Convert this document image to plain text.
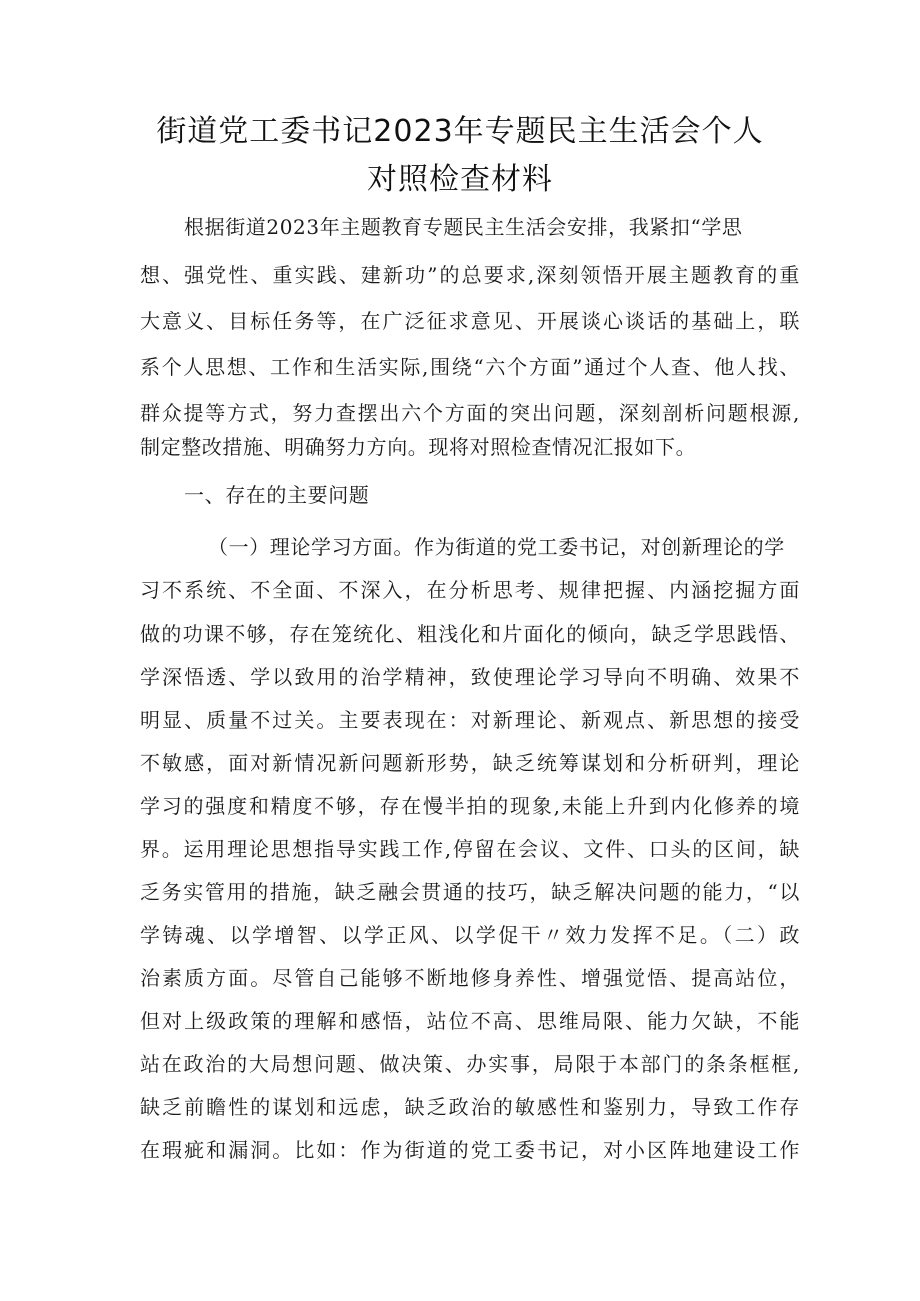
街道党工委书记2023年专题民主生活会个人
对照检查材料
根据街道2023年主题教育专题民主生活会安排，我紧扣“学思
想、强党性、重实践、建新功”的总要求,深刻领悟开展主题教育的重
大意义、目标任务等，在广泛征求意见、开展谈心谈话的基础上，联
系个人思想、工作和生活实际,围绕“六个方面”通过个人查、他人找、
群众提等方式，努力查摆出六个方面的突出问题，深刻剖析问题根源,
制定整改措施、明确努力方向。现将对照检查情况汇报如下。
一、存在的主要问题
（一）理论学习方面。作为街道的党工委书记，对创新理论的学
习不系统、不全面、不深入，在分析思考、规律把握、内涵挖掘方面
做的功课不够，存在笼统化、粗浅化和片面化的倾向，缺乏学思践悟、
学深悟透、学以致用的治学精神，致使理论学习导向不明确、效果不
明显、质量不过关。主要表现在：对新理论、新观点、新思想的接受
不敏感，面对新情况新问题新形势，缺乏统筹谋划和分析研判，理论
学习的强度和精度不够，存在慢半拍的现象,未能上升到内化修养的境
界。运用理论思想指导实践工作,停留在会议、文件、口头的区间，缺
乏务实管用的措施，缺乏融会贯通的技巧，缺乏解决问题的能力，“以
学铸魂、以学增智、以学正风、以学促干〃效力发挥不足。（二）政
治素质方面。尽管自己能够不断地修身养性、增强觉悟、提高站位，
但对上级政策的理解和感悟，站位不高、思维局限、能力欠缺，不能
站在政治的大局想问题、做决策、办实事，局限于本部门的条条框框,
缺乏前瞻性的谋划和远虑，缺乏政治的敏感性和鉴别力，导致工作存
在瑕疵和漏洞。比如：作为街道的党工委书记，对小区阵地建设工作
